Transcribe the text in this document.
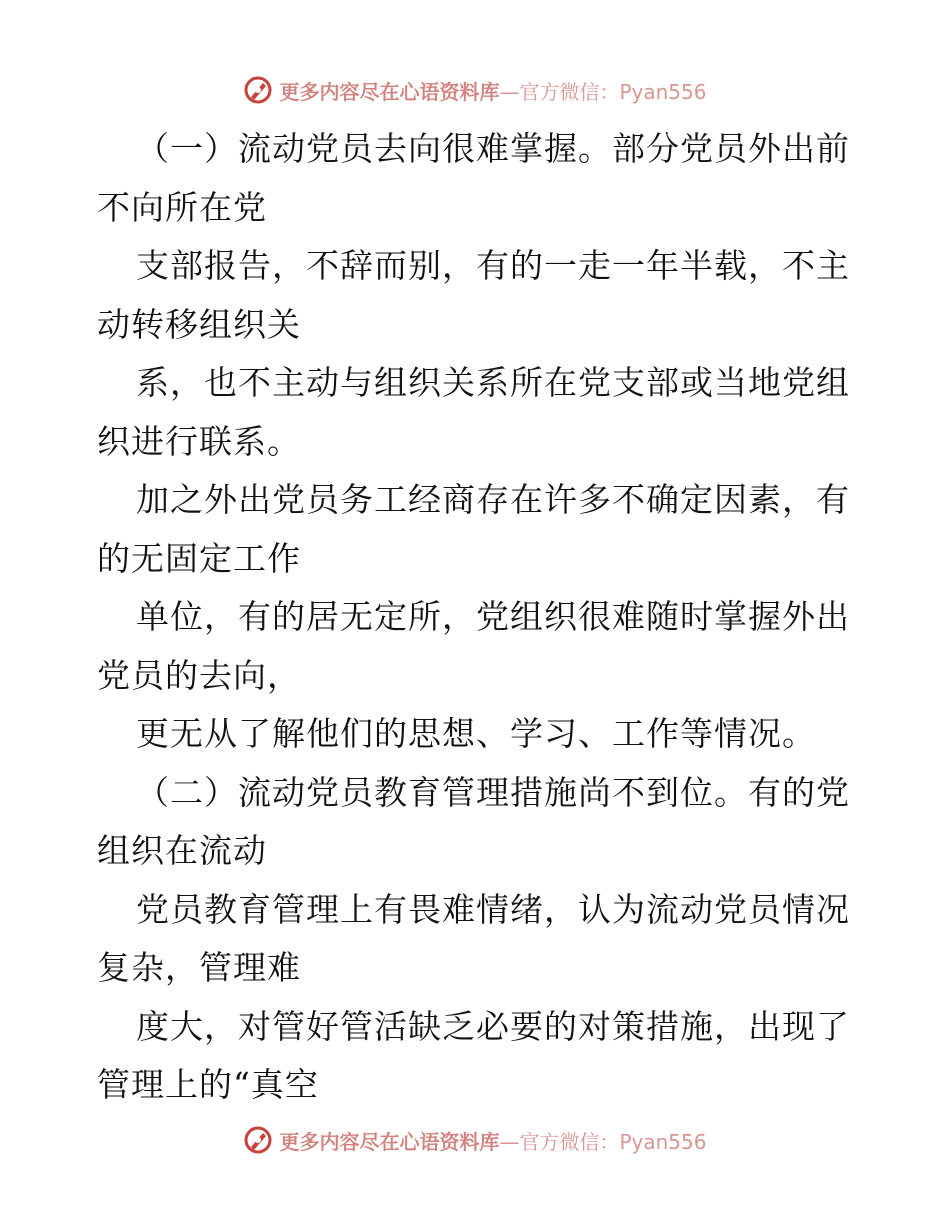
更多内容尽在心语资料库—官方微信：Pyan556
（一）流动党员去向很难掌握。部分党员外出前
不向所在党
支部报告，不辞而别，有的一走一年半载，不主
动转移组织关
系，也不主动与组织关系所在党支部或当地党组
织进行联系。
加之外出党员务工经商存在许多不确定因素，有
的无固定工作
单位，有的居无定所，党组织很难随时掌握外出
党员的去向，
更无从了解他们的思想、学习、工作等情况。
（二）流动党员教育管理措施尚不到位。有的党
组织在流动
党员教育管理上有畏难情绪，认为流动党员情况
复杂，管理难
度大，对管好管活缺乏必要的对策措施，出现了
管理上的“真空
更多内容尽在心语资料库—官方微信：Pyan556
